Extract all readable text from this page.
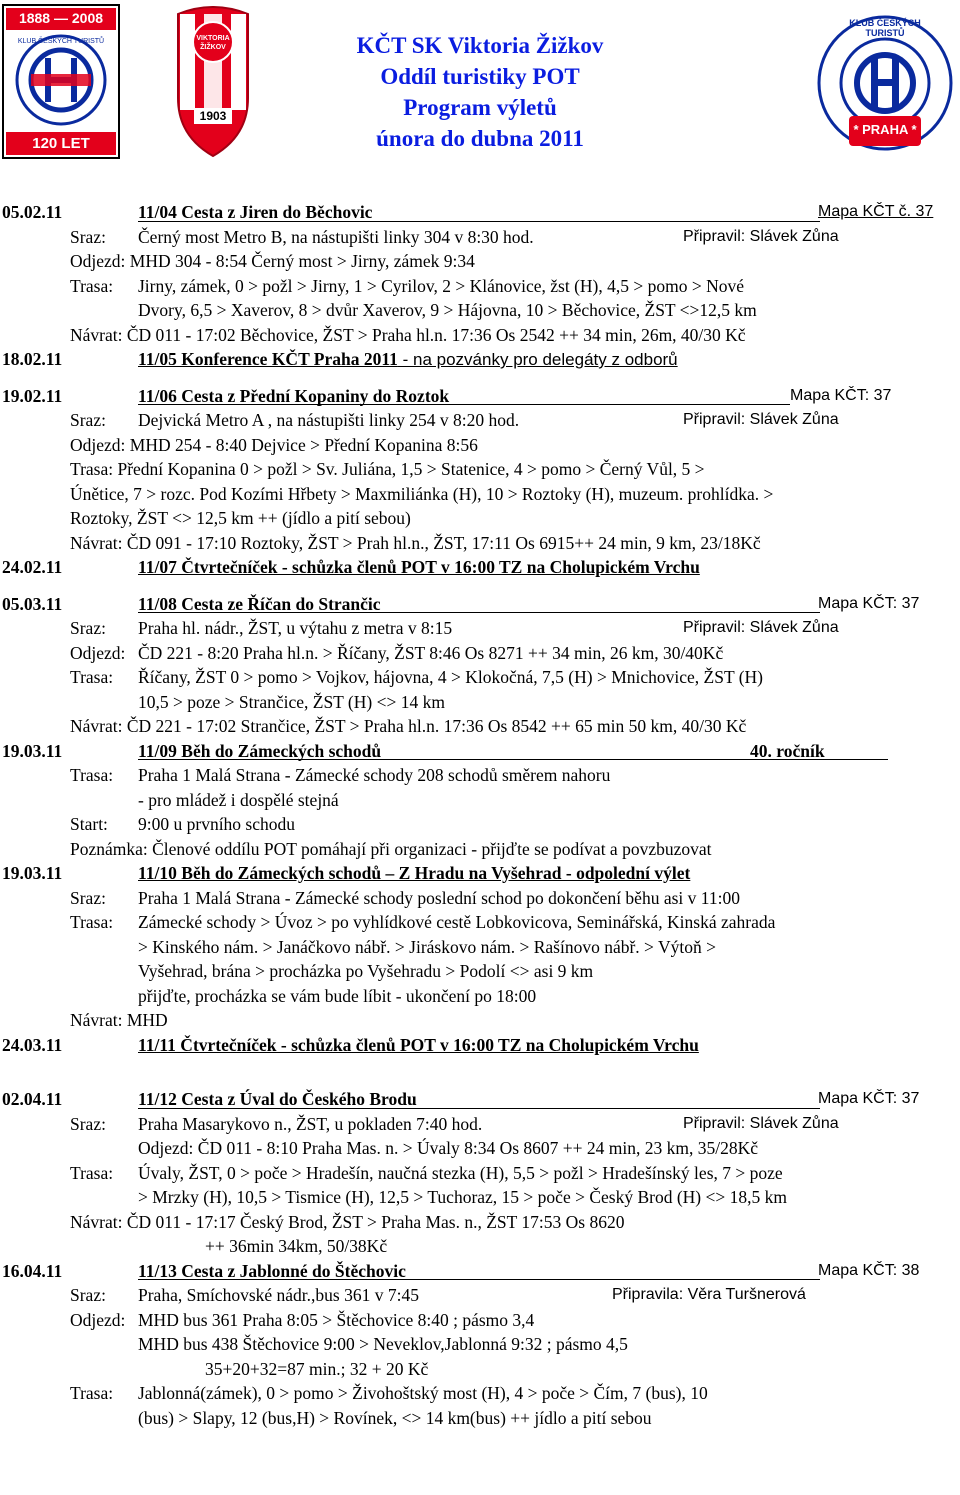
1888 — 2008
KLUB ČESKÝCH TURISTŮ
120 LET
VIKTORIA ŽIŽKOV
1903
KČT SK Viktoria Žižkov
Oddíl turistiky POT
Program výletů
února do dubna 2011
KLUB ČESKÝCH TURISTŮ
* PRAHA *
05.02.11	11/04 Cesta z Jiren do Běchovic	Mapa KČT č. 37
Sraz: Černý most Metro B, na nástupišti linky 304 v 8:30 hod.	Připravil: Slávek Zůna
Odjezd: MHD 304 - 8:54 Černý most > Jirny, zámek 9:34
Trasa: Jirny, zámek, 0 > požl > Jirny, 1 > Cyrilov, 2 > Klánovice, žst (H), 4,5 > pomo > Nové
Dvory, 6,5 > Xaverov, 8 > dvůr Xaverov, 9 > Hájovna, 10 > Běchovice, ŽST <>12,5 km
Návrat: ČD 011 - 17:02 Běchovice, ŽST > Praha hl.n. 17:36 Os 2542 ++ 34 min, 26m, 40/30 Kč
18.02.11	11/05 Konference KČT Praha 2011 - na pozvánky pro delegáty z odborů
19.02.11	11/06 Cesta z Přední Kopaniny do Roztok	Mapa KČT: 37
Sraz: Dejvická Metro A , na nástupišti linky 254 v 8:20 hod.	Připravil: Slávek Zůna
Odjezd: MHD 254 - 8:40 Dejvice > Přední Kopanina 8:56
Trasa: Přední Kopanina 0 > požl > Sv. Juliána, 1,5 > Statenice, 4 > pomo > Černý Vůl, 5 >
Únětice, 7 > rozc. Pod Kozími Hřbety > Maxmiliánka (H), 10 > Roztoky (H), muzeum. prohlídka. >
Roztoky, ŽST <> 12,5 km ++ (jídlo a pití sebou)
Návrat: ČD 091 - 17:10 Roztoky, ŽST > Prah hl.n., ŽST, 17:11 Os 6915++ 24 min, 9 km, 23/18Kč
24.02.11	11/07 Čtvrtečníček - schůzka členů POT v 16:00 TZ na Cholupickém Vrchu
05.03.11	11/08 Cesta ze Říčan do Strančic	Mapa KČT: 37
Sraz: Praha hl. nádr., ŽST, u výtahu z metra v 8:15	Připravil: Slávek Zůna
Odjezd: ČD 221 - 8:20 Praha hl.n. > Říčany, ŽST 8:46 Os 8271 ++ 34 min, 26 km, 30/40Kč
Trasa: Říčany, ŽST 0 > pomo > Vojkov, hájovna, 4 > Klokočná, 7,5 (H) > Mnichovice, ŽST (H)
10,5 > poze > Strančice, ŽST (H) <> 14 km
Návrat: ČD 221 - 17:02 Strančice, ŽST > Praha hl.n. 17:36 Os 8542 ++ 65 min 50 km, 40/30 Kč
19.03.11	11/09 Běh do Zámeckých schodů	40. ročník
Trasa: Praha 1 Malá Strana - Zámecké schody 208 schodů směrem nahoru
- pro mládež i dospělé stejná
Start: 9:00 u prvního schodu
Poznámka: Členové oddílu POT pomáhají při organizaci - přijďte se podívat a povzbuzovat
19.03.11	11/10 Běh do Zámeckých schodů – Z Hradu na Vyšehrad - odpolední výlet
Sraz: Praha 1 Malá Strana - Zámecké schody poslední schod po dokončení běhu asi v 11:00
Trasa: Zámecké schody > Úvoz > po vyhlídkové cestě Lobkovicova, Seminářská, Kinská zahrada
> Kinského nám. > Janáčkovo nábř. > Jiráskovo nám. > Rašínovo nábř. > Výtoň >
Vyšehrad, brána > procházka po Vyšehradu > Podolí <> asi 9 km
přijďte, procházka se vám bude líbit - ukončení po 18:00
Návrat: MHD
24.03.11	11/11 Čtvrtečníček - schůzka členů POT v 16:00 TZ na Cholupickém Vrchu
02.04.11	11/12 Cesta z Úval do Českého Brodu	Mapa KČT: 37
Sraz: Praha Masarykovo n., ŽST, u pokladen 7:40 hod.	Připravil: Slávek Zůna
Odjezd: ČD 011 - 8:10 Praha Mas. n. > Úvaly 8:34 Os 8607 ++ 24 min, 23 km, 35/28Kč
Trasa: Úvaly, ŽST, 0 > poče > Hradešín, naučná stezka (H), 5,5 > požl > Hradešínský les, 7 > poze
> Mrzky (H), 10,5 > Tismice (H), 12,5 > Tuchoraz, 15 > poče > Český Brod (H) <> 18,5 km
Návrat: ČD 011 - 17:17 Český Brod, ŽST > Praha Mas. n., ŽST 17:53 Os 8620
++ 36min 34km, 50/38Kč
16.04.11	11/13 Cesta z Jablonné do Štěchovic	Mapa KČT: 38
Sraz: Praha, Smíchovské nádr.,bus 361 v 7:45	Připravila: Věra Turšnerová
Odjezd: MHD bus 361 Praha 8:05 > Štěchovice 8:40 ; pásmo 3,4
MHD bus 438 Štěchovice 9:00 > Neveklov,Jablonná 9:32 ; pásmo 4,5
35+20+32=87 min.; 32 + 20 Kč
Trasa: Jablonná(zámek), 0 > pomo > Živohoštský most (H), 4 > poče > Čím, 7 (bus), 10
(bus) > Slapy, 12 (bus,H) > Rovínek, <> 14 km(bus) ++ jídlo a pití sebou
